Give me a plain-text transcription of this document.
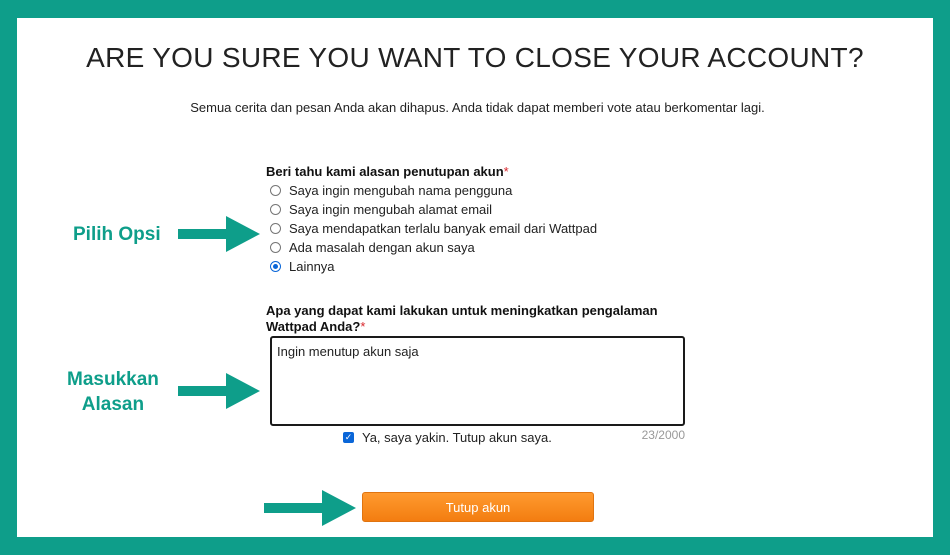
ARE YOU SURE YOU WANT TO CLOSE YOUR ACCOUNT?
Semua cerita dan pesan Anda akan dihapus. Anda tidak dapat memberi vote atau berkomentar lagi.
Beri tahu kami alasan penutupan akun*
Saya ingin mengubah nama pengguna
Saya ingin mengubah alamat email
Saya mendapatkan terlalu banyak email dari Wattpad
Ada masalah dengan akun saya
Lainnya
Apa yang dapat kami lakukan untuk meningkatkan pengalaman Wattpad Anda?*
Ingin menutup akun saja
23/2000
✓ Ya, saya yakin. Tutup akun saya.
Tutup akun
Pilih Opsi
Masukkan
Alasan
